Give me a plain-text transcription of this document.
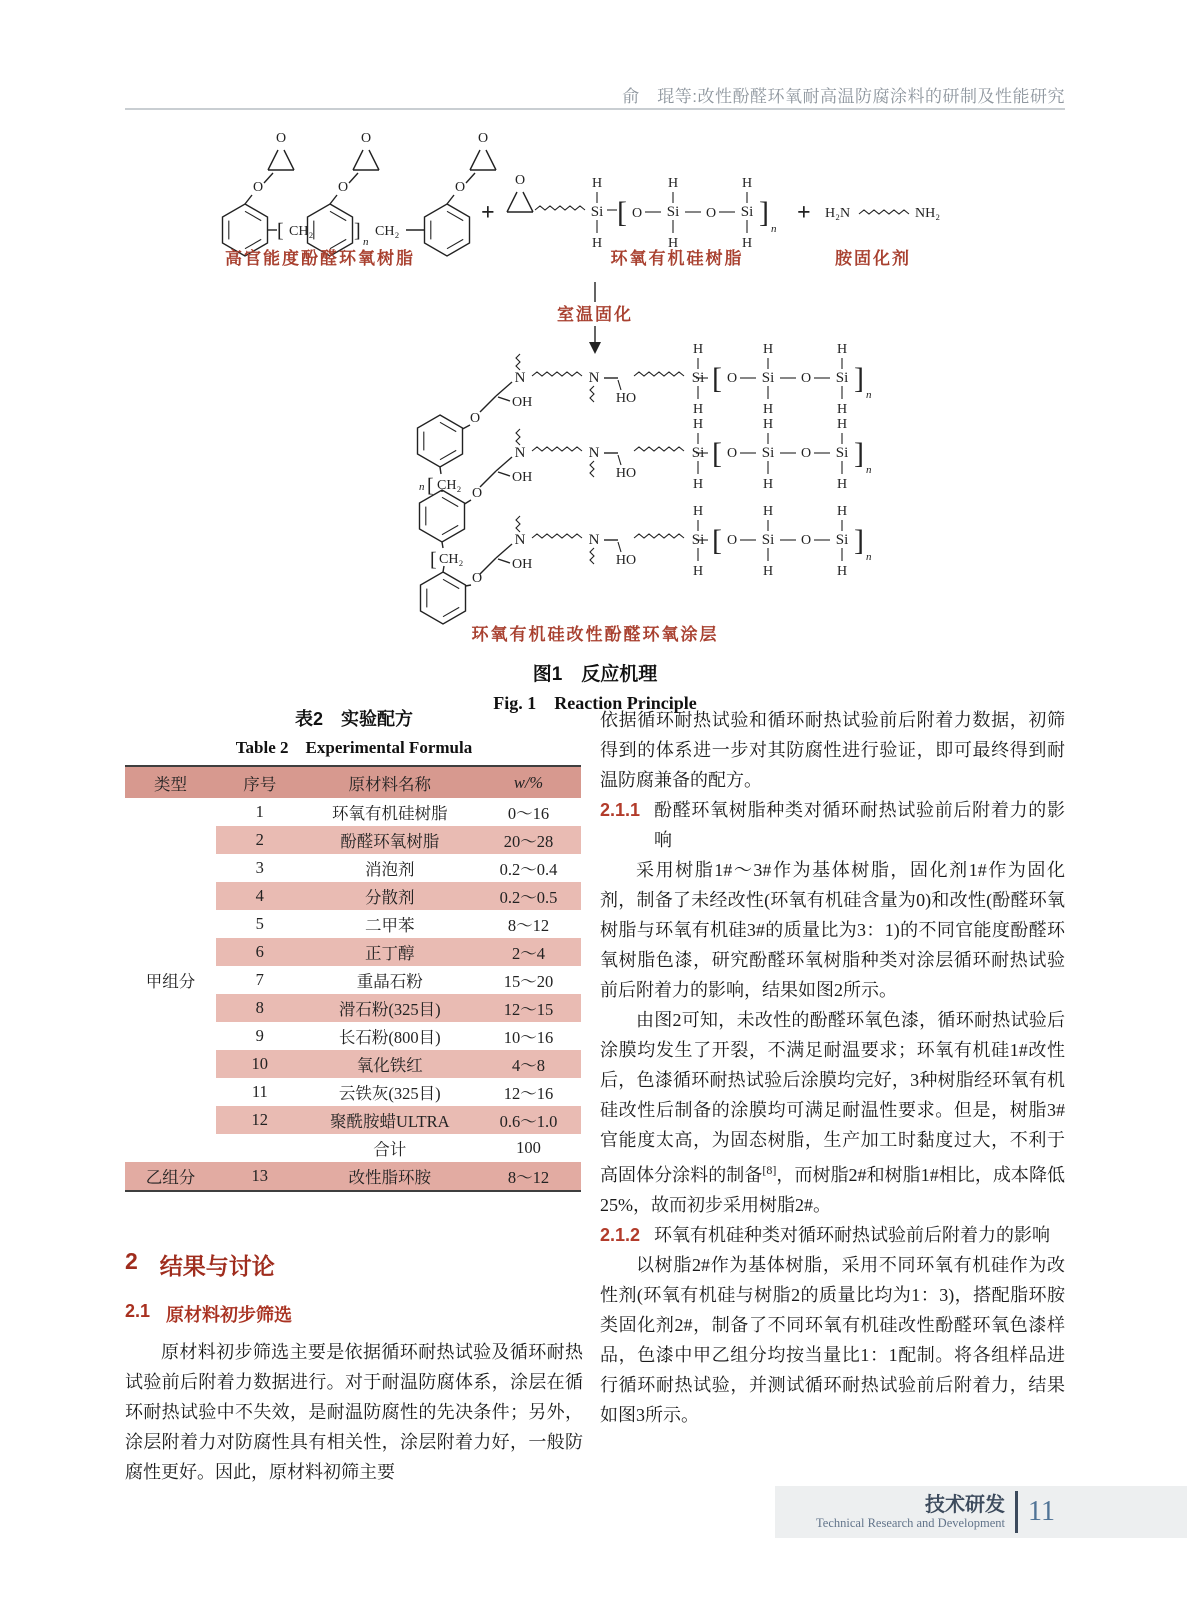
俞　琨等:改性酚醛环氧耐高温防腐涂料的研制及性能研究
i
O
H
N
HO
[ O	O	] n
[ CH₂ ] n
CH₂
+	[ O	O ] n
+ H₂N	NH₂
高官能度酚醛环氧树脂	环氧有机硅树脂	胺固化剂
室温固化
O
O
O
n [ CH₂
[ CH₂
环氧有机硅改性酚醛环氧涂层
图1　反应机理
Fig. 1　Reaction Principle
表2　实验配方
Table 2　Experimental Formula
类型	序号	原材料名称	w/%
甲组分	1	环氧有机硅树脂	0～16
	2	酚醛环氧树脂	20～28
	3	消泡剂	0.2～0.4
	4	分散剂	0.2～0.5
	5	二甲苯	8～12
	6	正丁醇	2～4
	7	重晶石粉	15～20
	8	滑石粉(325目)	12～15
	9	长石粉(800目)	10～16
	10	氧化铁红	4～8
	11	云铁灰(325目)	12～16
	12	聚酰胺蜡ULTRA	0.6～1.0
		合计	100
乙组分	13	改性脂环胺	8～12
2 结果与讨论
2.1 原材料初步筛选

原材料初步筛选主要是依据循环耐热试验及循环耐热试验前后附着力数据进行。对于耐温防腐体系，涂层在循环耐热试验中不失效，是耐温防腐性的先决条件；另外，涂层附着力对防腐性具有相关性，涂层附着力好，一般防腐性更好。因此，原材料初筛主要

依据循环耐热试验和循环耐热试验前后附着力数据，初筛得到的体系进一步对其防腐性进行验证，即可最终得到耐温防腐兼备的配方。

2.1.1 酚醛环氧树脂种类对循环耐热试验前后附着力的影响

采用树脂1#～3#作为基体树脂，固化剂1#作为固化剂，制备了未经改性(环氧有机硅含量为0)和改性(酚醛环氧树脂与环氧有机硅3#的质量比为3：1)的不同官能度酚醛环氧树脂色漆，研究酚醛环氧树脂种类对涂层循环耐热试验前后附着力的影响，结果如图2所示。

由图2可知，未改性的酚醛环氧色漆，循环耐热试验后涂膜均发生了开裂，不满足耐温要求；环氧有机硅1#改性后，色漆循环耐热试验后涂膜均完好，3种树脂经环氧有机硅改性后制备的涂膜均可满足耐温性要求。但是，树脂3#官能度太高，为固态树脂，生产加工时黏度过大，不利于高固体分涂料的制备[8]，而树脂2#和树脂1#相比，成本降低25%，故而初步采用树脂2#。

2.1.2 环氧有机硅种类对循环耐热试验前后附着力的影响

以树脂2#作为基体树脂，采用不同环氧有机硅作为改性剂(环氧有机硅与树脂2的质量比均为1：3)，搭配脂环胺类固化剂2#，制备了不同环氧有机硅改性酚醛环氧色漆样品，色漆中甲乙组分均按当量比1：1配制。将各组样品进行循环耐热试验，并测试循环耐热试验前后附着力，结果如图3所示。

技术研发
Technical Research and Development 11
